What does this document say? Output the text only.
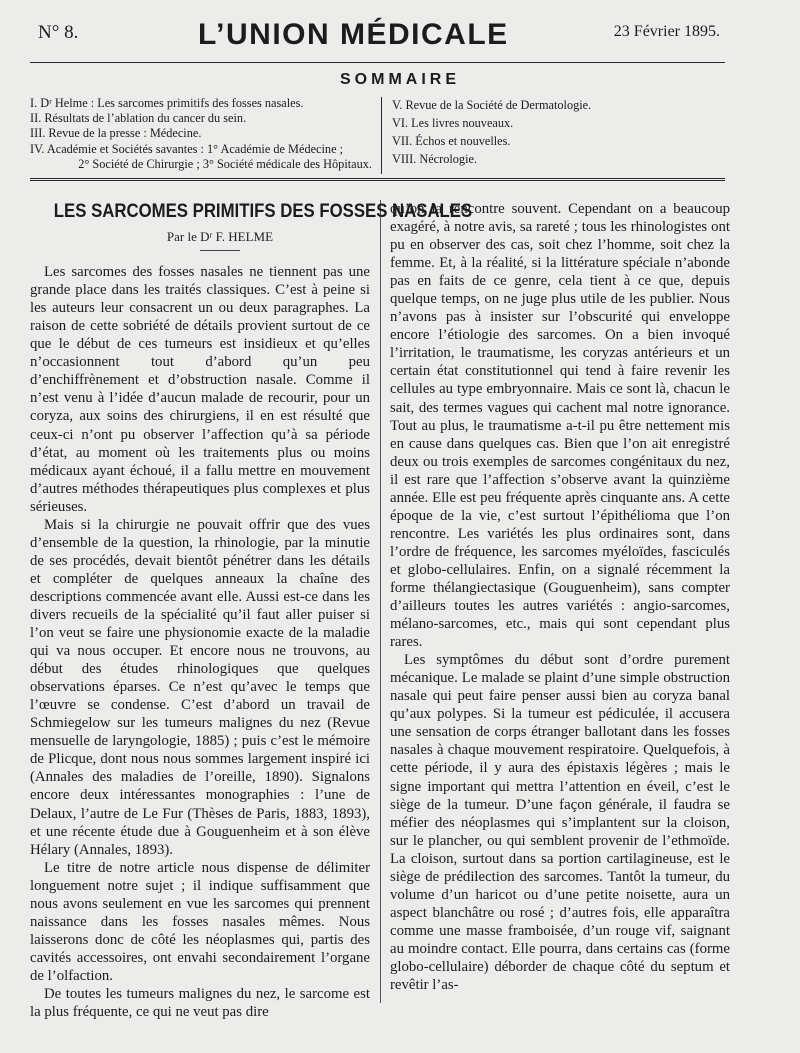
N° 8.	L’UNION MÉDICALE	23 Février 1895.
SOMMAIRE
I. Dʳ Helme : Les sarcomes primitifs des fosses nasales.
II. Résultats de l’ablation du cancer du sein.
III. Revue de la presse : Médecine.
IV. Académie et Sociétés savantes : 1° Académie de Médecine ;
2° Société de Chirurgie ; 3° Société médicale des Hôpitaux.
V. Revue de la Société de Dermatologie.
VI. Les livres nouveaux.
VII. Échos et nouvelles.
VIII. Nécrologie.
LES SARCOMES PRIMITIFS DES FOSSES NASALES
Par le Dʳ F. HELME

Les sarcomes des fosses nasales ne tiennent pas une grande place dans les traités classiques. C’est à peine si les auteurs leur consacrent un ou deux paragraphes. La raison de cette sobriété de détails provient surtout de ce que le début de ces tumeurs est insidieux et qu’elles n’occasionnent tout d’abord qu’un peu d’enchiffrènement et d’obstruction nasale. Comme il n’est venu à l’idée d’aucun malade de recourir, pour un coryza, aux soins des chirurgiens, il en est résulté que ceux-ci n’ont pu observer l’affection qu’à sa période d’état, au moment où les traitements plus ou moins médicaux ayant échoué, il a fallu mettre en mouvement d’autres méthodes thérapeutiques plus complexes et plus sérieuses.

Mais si la chirurgie ne pouvait offrir que des vues d’ensemble de la question, la rhinologie, par la minutie de ses procédés, devait bientôt pénétrer dans les détails et compléter de quelques anneaux la chaîne des descriptions commencée avant elle. Aussi est-ce dans les divers recueils de la spécialité qu’il faut aller puiser si l’on veut se faire une physionomie exacte de la maladie qui va nous occuper. Et encore nous ne trouvons, au début des études rhinologiques que quelques observations éparses. Ce n’est qu’avec le temps que l’œuvre se condense. C’est d’abord un travail de Schmiegelow sur les tumeurs malignes du nez (Revue mensuelle de laryngologie, 1885) ; puis c’est le mémoire de Plicque, dont nous nous sommes largement inspiré ici (Annales des maladies de l’oreille, 1890). Signalons encore deux intéressantes monographies : l’une de Delaux, l’autre de Le Fur (Thèses de Paris, 1883, 1893), et une récente étude due à Gouguenheim et à son élève Hélary (Annales, 1893).

Le titre de notre article nous dispense de délimiter longuement notre sujet ; il indique suffisamment que nous avons seulement en vue les sarcomes qui prennent naissance dans les fosses nasales mêmes. Nous laisserons donc de côté les néoplasmes qui, partis des cavités accessoires, ont envahi secondairement l’organe de l’olfaction.

De toutes les tumeurs malignes du nez, le sarcome est la plus fréquente, ce qui ne veut pas dire

qu’on la rencontre souvent. Cependant on a beaucoup exagéré, à notre avis, sa rareté ; tous les rhinologistes ont pu en observer des cas, soit chez l’homme, soit chez la femme. Et, à la réalité, si la littérature spéciale n’abonde pas en faits de ce genre, cela tient à ce que, depuis quelque temps, on ne juge plus utile de les publier. Nous n’avons pas à insister sur l’obscurité qui enveloppe encore l’étiologie des sarcomes. On a bien invoqué l’irritation, le traumatisme, les coryzas antérieurs et un certain état constitutionnel qui tend à faire revenir les cellules au type embryonnaire. Mais ce sont là, chacun le sait, des termes vagues qui cachent mal notre ignorance. Tout au plus, le traumatisme a-t-il pu être nettement mis en cause dans quelques cas. Bien que l’on ait enregistré deux ou trois exemples de sarcomes congénitaux du nez, il est rare que l’affection s’observe avant la quinzième année. Elle est peu fréquente après cinquante ans. A cette époque de la vie, c’est surtout l’épithélioma que l’on rencontre. Les variétés les plus ordinaires sont, dans l’ordre de fréquence, les sarcomes myéloïdes, fasciculés et globo-cellulaires. Enfin, on a signalé récemment la forme thélangiectasique (Gouguenheim), sans compter d’ailleurs toutes les autres variétés : angio-sarcomes, mélano-sarcomes, etc., mais qui sont cependant plus rares.

Les symptômes du début sont d’ordre purement mécanique. Le malade se plaint d’une simple obstruction nasale qui peut faire penser aussi bien au coryza banal qu’aux polypes. Si la tumeur est pédiculée, il accusera une sensation de corps étranger ballotant dans les fosses nasales à chaque mouvement respiratoire. Quelquefois, à cette période, il y aura des épistaxis légères ; mais le signe important qui mettra l’attention en éveil, c’est le siège de la tumeur. D’une façon générale, il faudra se méfier des néoplasmes qui s’implantent sur la cloison, sur le plancher, ou qui semblent provenir de l’ethmoïde. La cloison, surtout dans sa portion cartilagineuse, est le siège de prédilection des sarcomes. Tantôt la tumeur, du volume d’un haricot ou d’une petite noisette, aura un aspect blanchâtre ou rosé ; d’autres fois, elle apparaîtra comme une masse framboisée, d’un rouge vif, saignant au moindre contact. Elle pourra, dans certains cas (forme globo-cellulaire) déborder de chaque côté du septum et revêtir l’as-
